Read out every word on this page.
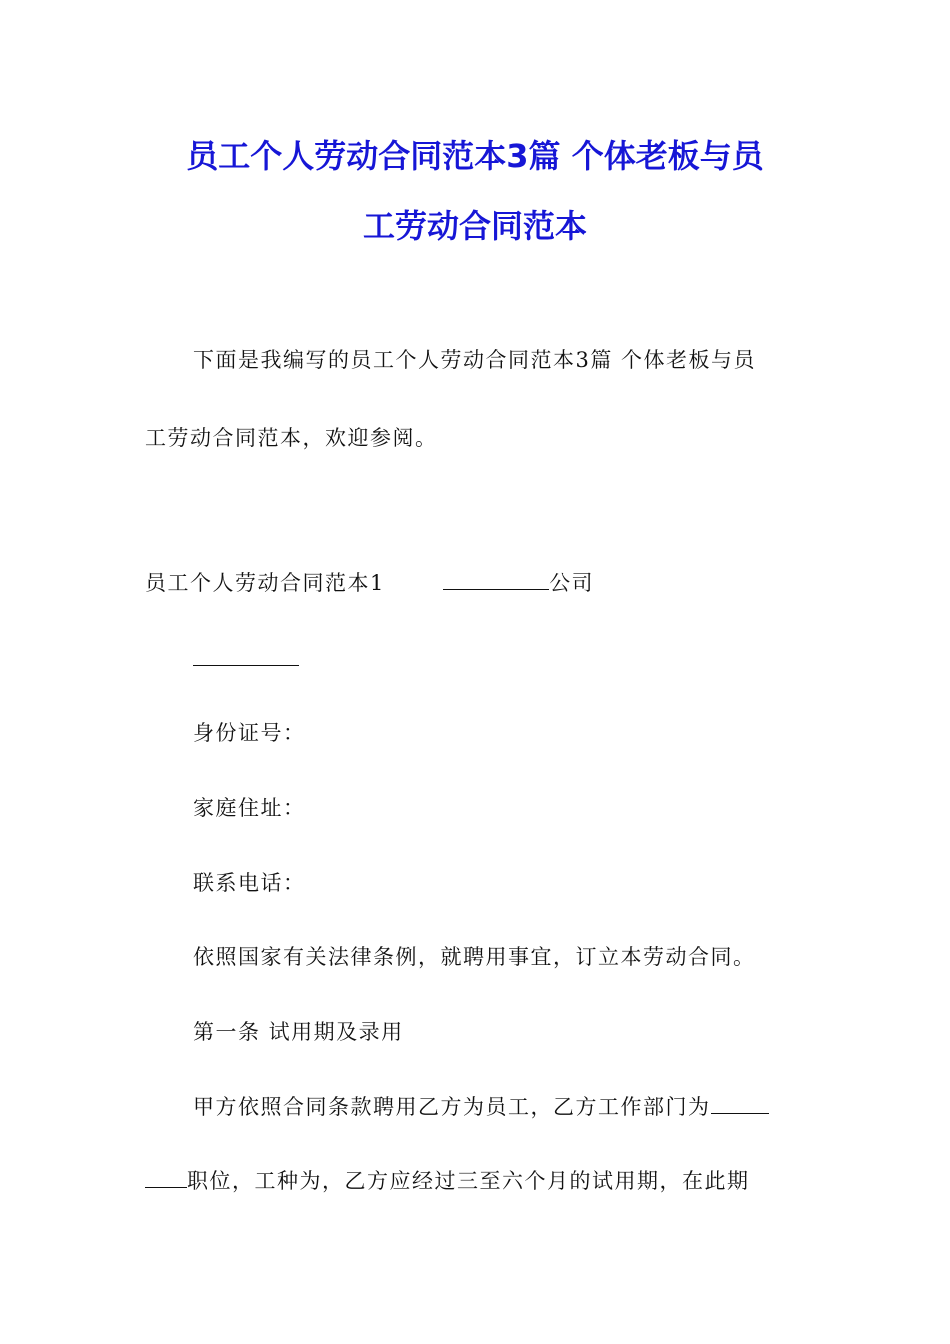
员工个人劳动合同范本3篇 个体老板与员
工劳动合同范本
下面是我编写的员工个人劳动合同范本3篇 个体老板与员
工劳动合同范本，欢迎参阅。
员工个人劳动合同范本1	公司
身份证号：
家庭住址：
联系电话：
依照国家有关法律条例，就聘用事宜，订立本劳动合同。
第一条 试用期及录用
甲方依照合同条款聘用乙方为员工，乙方工作部门为
职位，工种为，乙方应经过三至六个月的试用期，在此期
